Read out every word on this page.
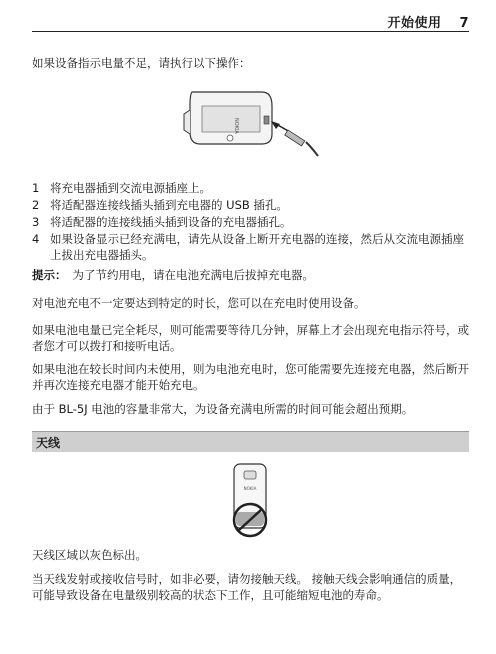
开始使用 7
如果设备指示电量不足，请执行以下操作：
NOKIA
1 将充电器插到交流电源插座上。
2 将适配器连接线插头插到充电器的 USB 插孔。
3 将适配器的连接线插头插到设备的充电器插孔。
4 如果设备显示已经充满电，请先从设备上断开充电器的连接，然后从交流电源插座上拔出充电器插头。
提示： 为了节约用电，请在电池充满电后拔掉充电器。
对电池充电不一定要达到特定的时长，您可以在充电时使用设备。
如果电池电量已完全耗尽，则可能需要等待几分钟，屏幕上才会出现充电指示符号，或者您才可以拨打和接听电话。
如果电池在较长时间内未使用，则为电池充电时，您可能需要先连接充电器，然后断开并再次连接充电器才能开始充电。
由于 BL-5J 电池的容量非常大，为设备充满电所需的时间可能会超出预期。
天线
NOKIA
天线区域以灰色标出。
当天线发射或接收信号时，如非必要，请勿接触天线。 接触天线会影响通信的质量，可能导致设备在电量级别较高的状态下工作，且可能缩短电池的寿命。
